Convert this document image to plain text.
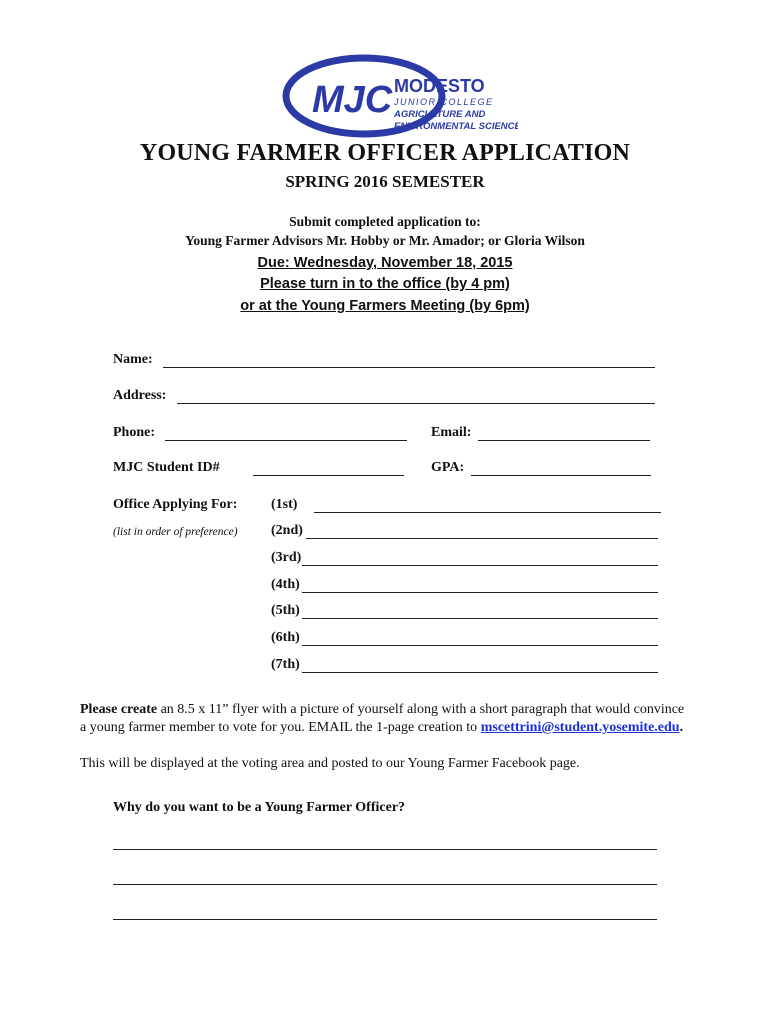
MJC MODESTO
JUNIOR COLLEGE
AGRICULTURE AND
ENVIRONMENTAL SCIENCES
YOUNG FARMER OFFICER APPLICATION
SPRING 2016 SEMESTER
Submit completed application to:
Young Farmer Advisors Mr. Hobby or Mr. Amador; or Gloria Wilson
Due: Wednesday, November 18, 2015
Please turn in to the office (by 4 pm)
or at the Young Farmers Meeting (by 6pm)
Name:
Address:
Phone:	Email:
MJC Student ID#	GPA:
Office Applying For:
(list in order of preference)
(1st)
(2nd)
(3rd)
(4th)
(5th)
(6th)
(7th)
Please create an 8.5 x 11” flyer with a picture of yourself along with a short paragraph that would convince a young farmer member to vote for you. EMAIL the 1-page creation to mscettrini@student.yosemite.edu.
This will be displayed at the voting area and posted to our Young Farmer Facebook page.
Why do you want to be a Young Farmer Officer?
